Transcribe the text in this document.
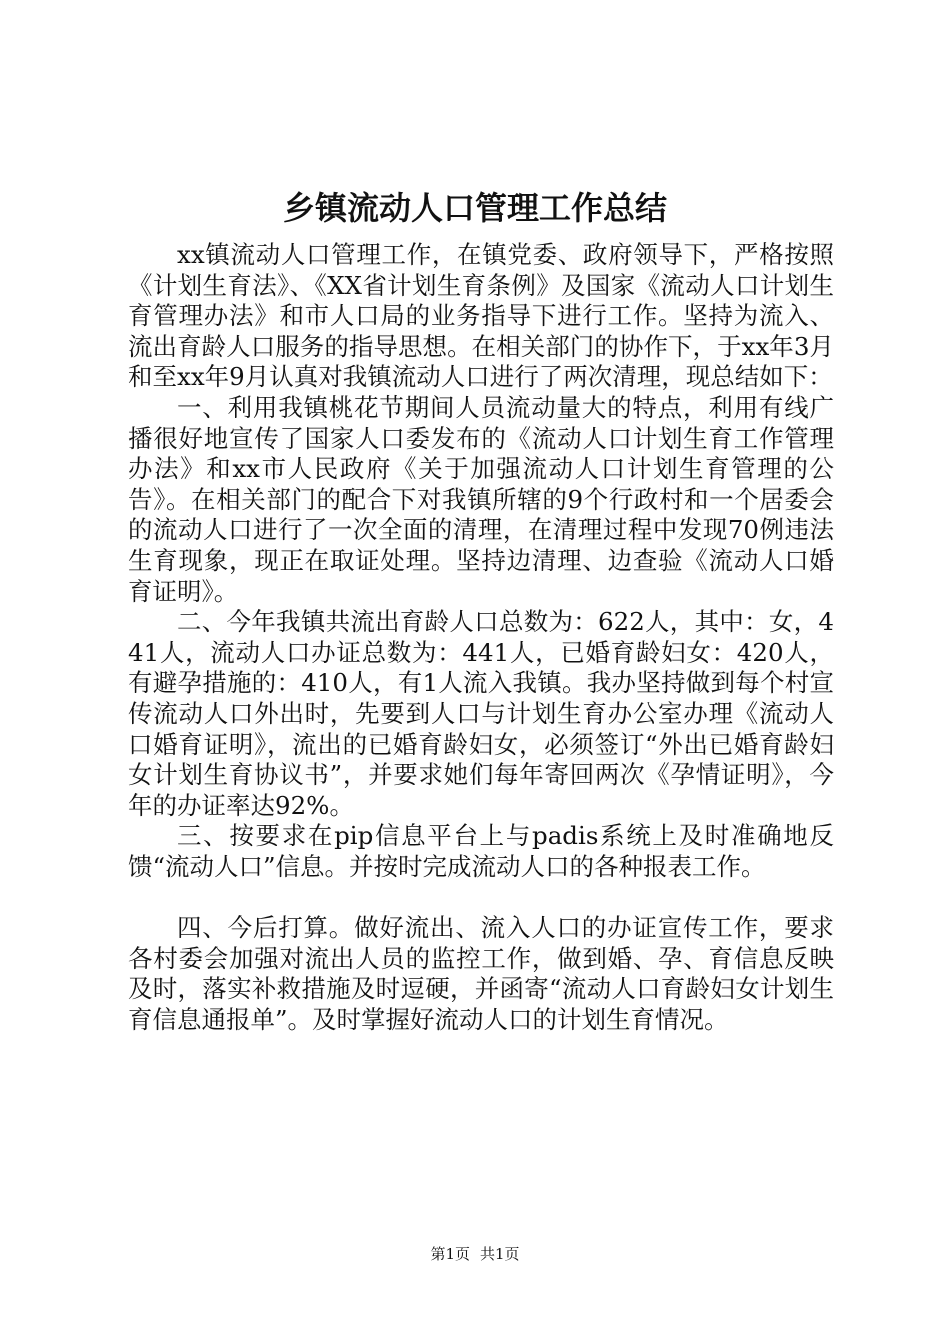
乡镇流动人口管理工作总结

xx镇流动人口管理工作，在镇党委、政府领导下，严格按照《计划生育法》、《XX省计划生育条例》及国家《流动人口计划生育管理办法》和市人口局的业务指导下进行工作。坚持为流入、流出育龄人口服务的指导思想。在相关部门的协作下，于xx年3月和至xx年9月认真对我镇流动人口进行了两次清理，现总结如下：

一、利用我镇桃花节期间人员流动量大的特点，利用有线广播很好地宣传了国家人口委发布的《流动人口计划生育工作管理办法》和xx市人民政府《关于加强流动人口计划生育管理的公告》。在相关部门的配合下对我镇所辖的9个行政村和一个居委会的流动人口进行了一次全面的清理，在清理过程中发现70例违法生育现象，现正在取证处理。坚持边清理、边查验《流动人口婚育证明》。

二、今年我镇共流出育龄人口总数为：622人，其中：女，441人，流动人口办证总数为：441人，已婚育龄妇女：420人，有避孕措施的：410人，有1人流入我镇。我办坚持做到每个村宣传流动人口外出时，先要到人口与计划生育办公室办理《流动人口婚育证明》，流出的已婚育龄妇女，必须签订“外出已婚育龄妇女计划生育协议书”，并要求她们每年寄回两次《孕情证明》，今年的办证率达92%。

三、按要求在pip信息平台上与padis系统上及时准确地反馈“流动人口”信息。并按时完成流动人口的各种报表工作。

四、今后打算。做好流出、流入人口的办证宣传工作，要求各村委会加强对流出人员的监控工作，做到婚、孕、育信息反映及时，落实补救措施及时逗硬，并函寄“流动人口育龄妇女计划生育信息通报单”。及时掌握好流动人口的计划生育情况。

第1页 共1页
